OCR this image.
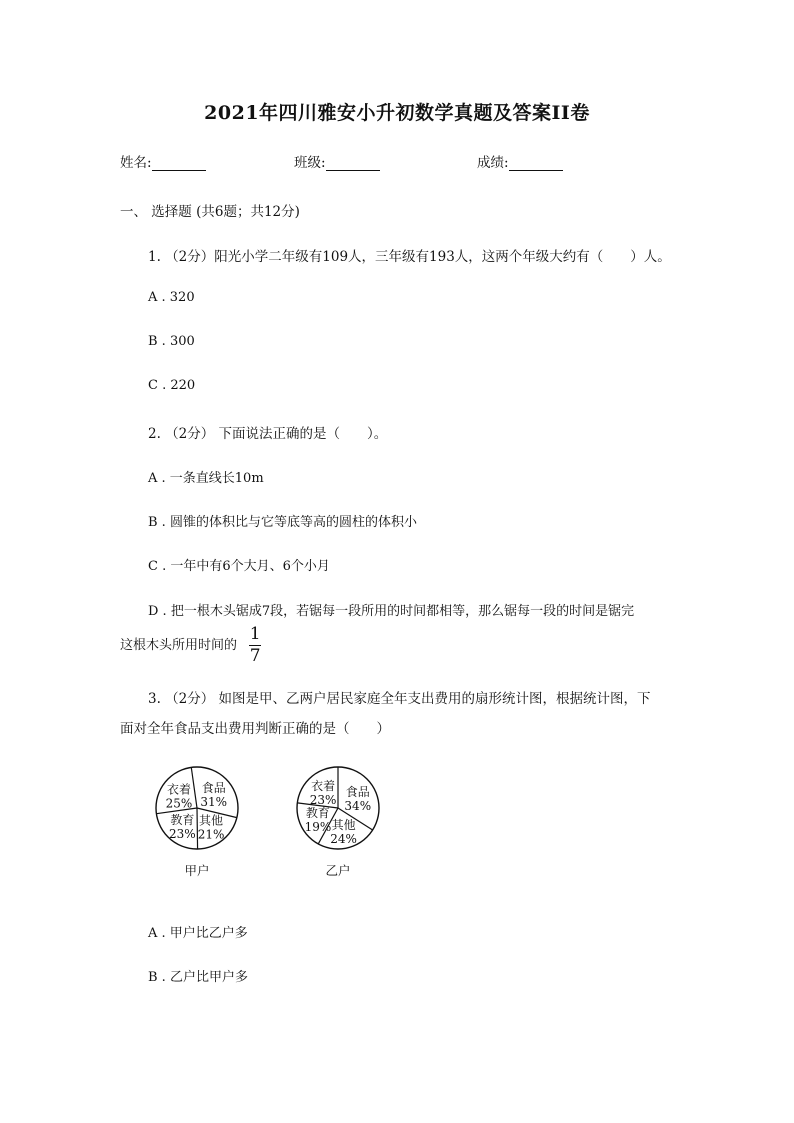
2021年四川雅安小升初数学真题及答案II卷
姓名:	班级:	成绩:
一、 选择题 (共6题；共12分)
1. （2分）阳光小学二年级有109人，三年级有193人，这两个年级大约有（　　）人。
A . 320
B . 300
C . 220
2. （2分） 下面说法正确的是（　　）。
A . 一条直线长10m
B . 圆锥的体积比与它等底等高的圆柱的体积小
C . 一年中有6个大月、6个小月
D . 把一根木头锯成7段，若锯每一段所用的时间都相等，那么锯每一段的时间是锯完
这根木头所用时间的 $\frac{1}{7}$
3. （2分） 如图是甲、乙两户居民家庭全年支出费用的扇形统计图，根据统计图，下
面对全年食品支出费用判断正确的是（　　）
食品
31%
其他
21%
教育
23%
衣着
25%
甲户
食品
34%
其他
24%
教育
19%
衣着
23%
乙户
A . 甲户比乙户多
B . 乙户比甲户多
